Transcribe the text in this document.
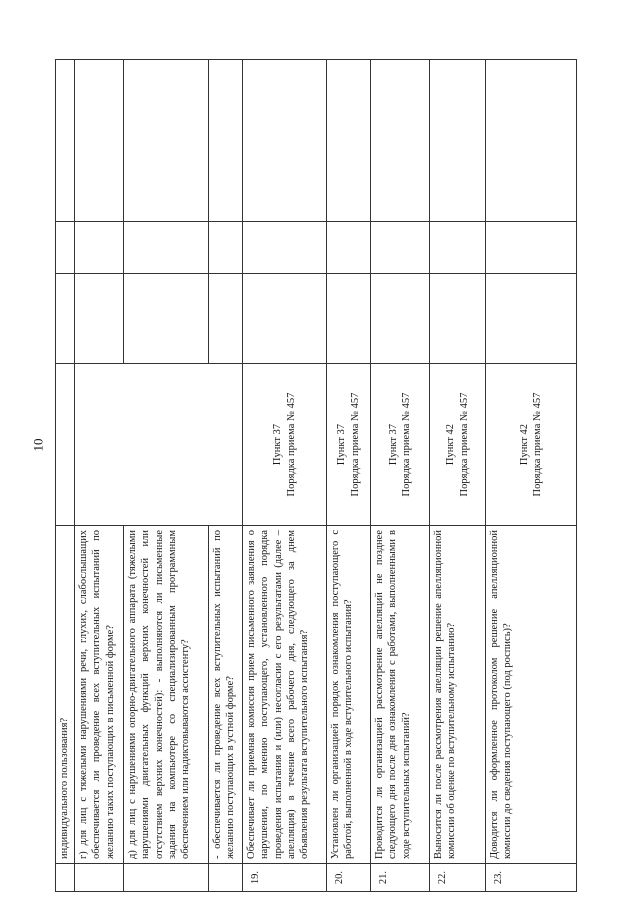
10
	индивидуального пользования?	

	г) для лиц с тяжелыми нарушениями речи, глухих, слабослышащих обеспечивается ли проведение всех вступительных испытаний по желанию таких поступающих в письменной форме?	

	д) для лиц с нарушениями опорно-двигательного аппарата (тяжелыми нарушениями двигательных функций верхних конечностей или отсутствием верхних конечностей): - выполняются ли письменные задания на компьютере со специализированным программным обеспечением или надиктовываются ассистенту?				
	- обеспечивается ли проведение всех вступительных испытаний по желанию поступающих в устной форме?				
19.	Обеспечивает ли приемная комиссия прием письменного заявления о нарушении, по мнению поступающего, установленного порядка проведения испытания и (или) несогласии с его результатами (далее – апелляция) в течение всего рабочего дня, следующего за днем объявления результата вступительного испытания?	Пункт 37 Порядка приема № 457			

20.	Установлен ли организацией порядок ознакомления поступающего с работой, выполненной в ходе вступительного испытания?	Пункт 37 Порядка приема № 457			

21.	Проводится ли организацией рассмотрение апелляций не позднее следующего дня после дня ознакомления с работами, выполненными в ходе вступительных испытаний?	Пункт 37 Порядка приема № 457			

22.	Выносится ли после рассмотрения апелляции решение апелляционной комиссии об оценке по вступительному испытанию?	Пункт 42 Порядка приема № 457			

23.	Доводится ли оформленное протоколом решение апелляционной комиссии до сведения поступающего (под роспись)?	Пункт 42 Порядка приема № 457			
